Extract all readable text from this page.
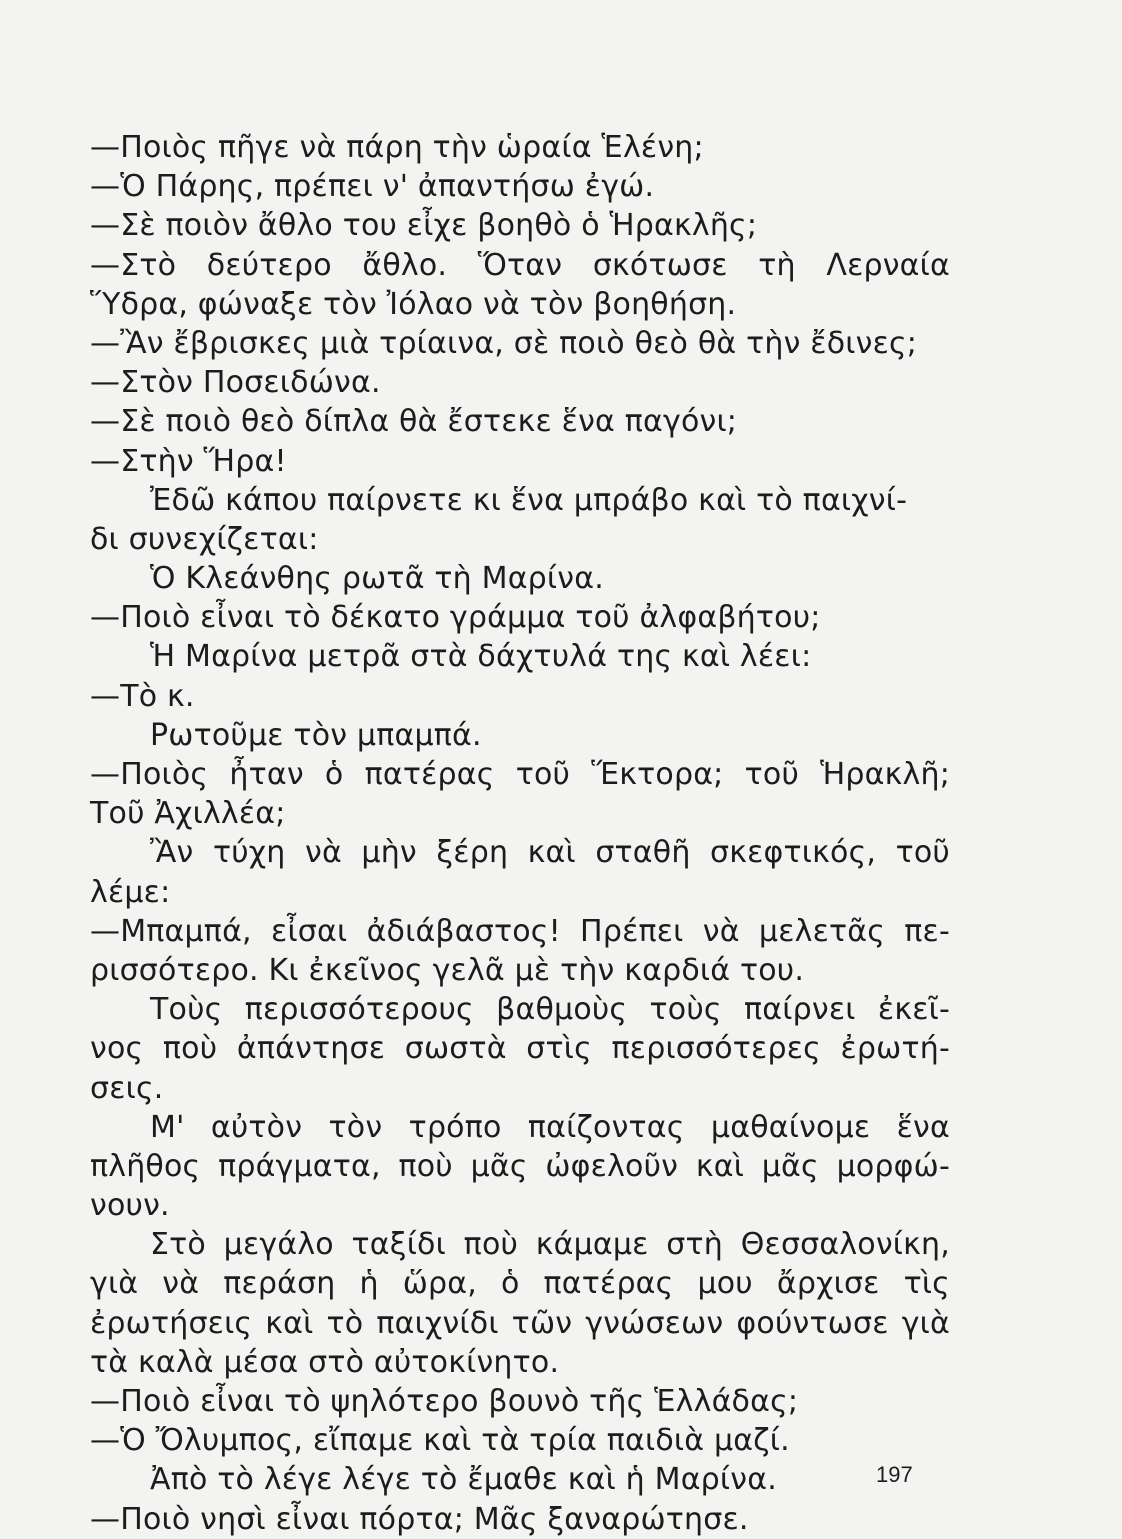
—Ποιὸς πῆγε νὰ πάρη τὴν ὡραία Ἑλένη;
—Ὁ Πάρης, πρέπει ν' ἀπαντήσω ἐγώ.
—Σὲ ποιὸν ἄθλο του εἶχε βοηθὸ ὁ Ἡρακλῆς;
—Στὸ δεύτερο ἄθλο. Ὅταν σκότωσε τὴ Λερναία
Ὕδρα, φώναξε τὸν Ἰόλαο νὰ τὸν βοηθήση.
—Ἂν ἔβρισκες μιὰ τρίαινα, σὲ ποιὸ θεὸ θὰ τὴν ἔδινες;
—Στὸν Ποσειδώνα.
—Σὲ ποιὸ θεὸ δίπλα θὰ ἔστεκε ἕνα παγόνι;
—Στὴν Ἥρα!
Ἐδῶ κάπου παίρνετε κι ἕνα μπράβο καὶ τὸ παιχνί-
δι συνεχίζεται:
Ὁ Κλεάνθης ρωτᾶ τὴ Μαρίνα.
—Ποιὸ εἶναι τὸ δέκατο γράμμα τοῦ ἀλφαβήτου;
Ἡ Μαρίνα μετρᾶ στὰ δάχτυλά της καὶ λέει:
—Τὸ κ.
Ρωτοῦμε τὸν μπαμπά.
—Ποιὸς ἦταν ὁ πατέρας τοῦ Ἕκτορα; τοῦ Ἡρακλῆ;
Τοῦ Ἀχιλλέα;
Ἂν τύχη νὰ μὴν ξέρη καὶ σταθῆ σκεφτικός, τοῦ
λέμε:
—Μπαμπά, εἶσαι ἀδιάβαστος! Πρέπει νὰ μελετᾶς πε-
ρισσότερο. Κι ἐκεῖνος γελᾶ μὲ τὴν καρδιά του.
Τοὺς περισσότερους βαθμοὺς τοὺς παίρνει ἐκεῖ-
νος ποὺ ἀπάντησε σωστὰ στὶς περισσότερες ἐρωτή-
σεις.
Μ' αὐτὸν τὸν τρόπο παίζοντας μαθαίνομε ἕνα
πλῆθος πράγματα, ποὺ μᾶς ὠφελοῦν καὶ μᾶς μορφώ-
νουν.
Στὸ μεγάλο ταξίδι ποὺ κάμαμε στὴ Θεσσαλονίκη,
γιὰ νὰ περάση ἡ ὥρα, ὁ πατέρας μου ἄρχισε τὶς
ἐρωτήσεις καὶ τὸ παιχνίδι τῶν γνώσεων φούντωσε γιὰ
τὰ καλὰ μέσα στὸ αὐτοκίνητο.
—Ποιὸ εἶναι τὸ ψηλότερο βουνὸ τῆς Ἑλλάδας;
—Ὁ Ὄλυμπος, εἴπαμε καὶ τὰ τρία παιδιὰ μαζί.
Ἀπὸ τὸ λέγε λέγε τὸ ἔμαθε καὶ ἡ Μαρίνα.
—Ποιὸ νησὶ εἶναι πόρτα; Μᾶς ξαναρώτησε.
197
